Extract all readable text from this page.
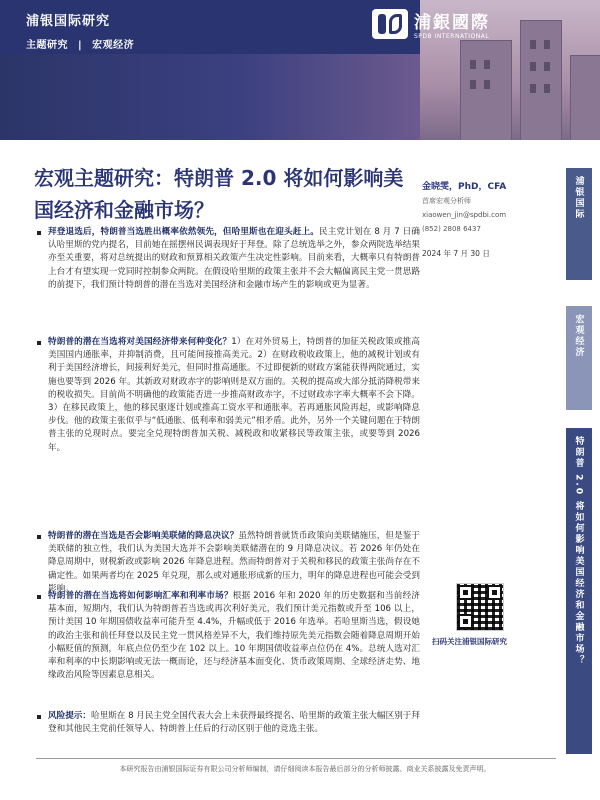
浦银国际研究
主题研究 | 宏观经济
浦銀國際
SPDB INTERNATIONAL
宏观主题研究：特朗普 2.0 将如何影响美国经济和金融市场？
金晓雯，PhD，CFA
首席宏观分析师
xiaowen_jin@spdbi.com
(852) 2808 6437
2024 年 7 月 30 日
浦银国际
宏观经济
特朗普 2.0 将如何影响美国经济和金融市场？
扫码关注浦银国际研究
拜登退选后，特朗普当选胜出概率依然领先，但哈里斯也在迎头赶上。民主党计划在 8 月 7 日确认哈里斯的党内提名，目前她在摇摆州民调表现好于拜登。除了总统选举之外，参众两院选举结果亦至关重要，将对总统提出的财政和预算相关政策产生决定性影响。目前来看，大概率只有特朗普上台才有望实现一党同时控制参众两院。在假设哈里斯的政策主张并不会大幅偏离民主党一贯思路的前提下，我们预计特朗普的潜在当选对美国经济和金融市场产生的影响或更为显著。
特朗普的潜在当选将对美国经济带来何种变化？1）在对外贸易上，特朗普的加征关税政策或推高美国国内通胀率，并抑制消费，且可能间接推高美元。2）在财政税收政策上，他的减税计划或有利于美国经济增长，间接利好美元，但同时推高通胀。不过即便新的财政方案能获得两院通过，实施也要等到 2026 年。其新政对财政赤字的影响则是双方面的。关税的提高或大部分抵消降税带来的税收损失。目前尚不明确他的政策能否进一步推高财政赤字，不过财政赤字率大概率不会下降。3）在移民政策上，他的移民驱逐计划或推高工资水平和通胀率。若再通胀风险再起，或影响降息步伐。他的政策主张似乎与“低通胀、低利率和弱美元”相矛盾。此外，另外一个关键问题在于特朗普主张的兑现时点。要完全兑现特朗普加关税、减税政和收紧移民等政策主张，或要等到 2026 年。
特朗普的潜在当选是否会影响美联储的降息决议？虽然特朗普就货币政策向美联储施压，但是鉴于美联储的独立性，我们认为美国大选并不会影响美联储潜在的 9 月降息决议。若 2026 年仍处在降息周期中，财税新政或影响 2026 年降息进程。然而特朗普对于关税和移民的政策主张尚存在不确定性。如果两者均在 2025 年兑现，那么或对通胀形成新的压力，明年的降息进程也可能会受到影响。
特朗普的潜在当选将如何影响汇率和利率市场？根据 2016 年和 2020 年的历史数据和当前经济基本面，短期内，我们认为特朗普若当选或再次利好美元，我们预计美元指数或升至 106 以上，预计美国 10 年期国债收益率可能升至 4.4%，升幅或低于 2016 年选举。若哈里斯当选，假设她的政治主张和前任拜登以及民主党一贯风格差异不大，我们维持原先美元指数会随着降息周期开始小幅贬值的预测，年底点位仍至少在 102 以上。10 年期国债收益率点位仍在 4%。总统人选对汇率和利率的中长期影响或无法一概而论，还与经济基本面变化、货币政策周期、全球经济走势、地缘政治风险等因素息息相关。
风险提示：哈里斯在 8 月民主党全国代表大会上未获得最终提名、哈里斯的政策主张大幅区别于拜登和其他民主党前任领导人、特朗普上任后的行动区别于他的竞选主张。
本研究报告由浦银国际证券有限公司分析师编制，请仔细阅读本报告最后部分的分析师披露、商业关系披露及免责声明。
